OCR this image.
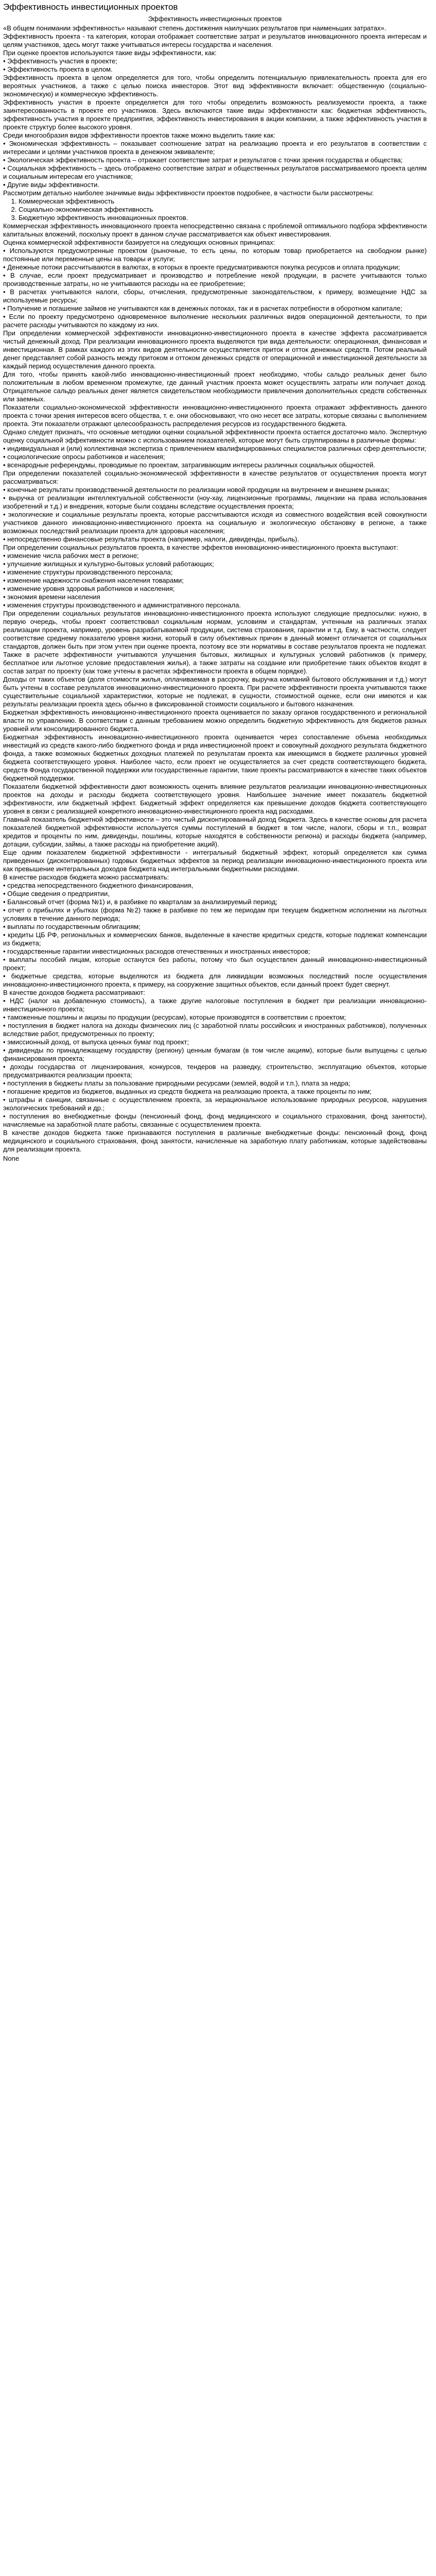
Эффективность инвестиционных проектов
Эффективность инвестиционных проектов

«В общем понимании эффективность» называют степень достижения наилучших результатов при наименьших затратах».

Эффективность проекта - та категория, которая отображает соответствие затрат и результатов инновационного проекта интересам и целям участников, здесь могут также учитываться интересы государства и населения.

При оценке проектов используются такие виды эффективности, как:

• Эффективность участия в проекте;

• Эффективность проекта в целом.

Эффективность проекта в целом определяется для того, чтобы определить потенциальную привлекательность проекта для его вероятных участников, а также с целью поиска инвесторов. Этот вид эффективности включает: общественную (социально-экономическую) и коммерческую эффективность.

Эффективность участия в проекте определяется для того чтобы определить возможность реализуемости проекта, а также заинтересованность в проекте его участников. Здесь включаются такие виды эффективности как: бюджетная эффективность, эффективность участия в проекте предприятия, эффективность инвестирования в акции компании, а также эффективность участия в проекте структур более высокого уровня.

Среди многообразия видов эффективности проектов также можно выделить такие как:

• Экономическая эффективность – показывает соотношение затрат на реализацию проекта и его результатов в соответствии с интересами и целями участников проекта в денежном эквиваленте;

• Экологическая эффективность проекта – отражает соответствие затрат и результатов с точки зрения государства и общества;

• Социальная эффективность – здесь отображено соответствие затрат и общественных результатов рассматриваемого проекта целям и социальным интересам его участников;

• Другие виды эффективности.

Рассмотрим детально наиболее значимые виды эффективности проектов подробнее, в частности были рассмотрены:

1. Коммерческая эффективность
2. Социально-экономическая эффективность
3. Бюджетную эффективность инновационных проектов.

Коммерческая эффективность инновационного проекта непосредственно связана с проблемой оптимального подбора эффективности капитальных вложений, поскольку проект в данном случае рассматривается как объект инвестирования.

Оценка коммерческой эффективности базируется на следующих основных принципах:

• Используются предусмотренные проектом (рыночные, то есть цены, по которым товар приобретается на свободном рынке) постоянные или переменные цены на товары и услуги;

• Денежные потоки рассчитываются в валютах, в которых в проекте предусматриваются покупка ресурсов и оплата продукции;

• В случае, если проект предусматривает и производство и потребление некой продукции, в расчете учитываются только производственные затраты, но не учитываются расходы на ее приобретение;

• В расчетах учитываются налоги, сборы, отчисления, предусмотренные законодательством, к примеру, возмещение НДС за используемые ресурсы;

• Получение и погашение займов не учитываются как в денежных потоках, так и в расчетах потребности в оборотном капитале;

• Если по проекту предусмотрено одновременное выполнение нескольких различных видов операционной деятельности, то при расчете расходы учитываются по каждому из них.

При определении коммерческой эффективности инновационно-инвестиционного проекта в качестве эффекта рассматривается чистый денежный доход. При реализации инновационного проекта выделяются три вида деятельности: операционная, финансовая и инвестиционная. В рамках каждого из этих видов деятельности осуществляется приток и отток денежных средств. Потом реальный денег представляет собой разность между притоком и оттоком денежных средств от операционной и инвестиционной деятельности за каждый период осуществления данного проекта.

Для того, чтобы принять какой-либо инновационно-инвестиционный проект необходимо, чтобы сальдо реальных денег было положительным в любом временном промежутке, где данный участник проекта может осуществлять затраты или получает доход. Отрицательное сальдо реальных денег является свидетельством необходимости привлечения дополнительных средств собственных или заемных.

Показатели социально-экономической эффективности инновационно-инвестиционного проекта отражают эффективность данного проекта с точки зрения интересов всего общества, т. е. они обосновывают, что оно несет все затраты, которые связаны с выполнением проекта. Эти показатели отражают целесообразность распределения ресурсов из государственного бюджета.

Однако следует признать, что основные методики оценки социальной эффективности проекта остается достаточно мало. Экспертную оценку социальной эффективности можно с использованием показателей, которые могут быть сгруппированы в различные формы:

• индивидуальная и (или) коллективная экспертиза с привлечением квалифицированных специалистов различных сфер деятельности;

• социологические опросы работников и населения;

• всенародные референдумы, проводимые по проектам, затрагивающим интересы различных социальных общностей.

При определении показателей социально-экономической эффективности в качестве результатов от осуществления проекта могут рассматриваться:

• конечные результаты производственной деятельности по реализации новой продукции на внутреннем и внешнем рынках;

• выручка от реализации интеллектуальной собственности (ноу-хау, лицензионные программы, лицензии на права использования изобретений и т.д.) и внедрения, которые были созданы вследствие осуществления проекта;

• экологические и социальные результаты проекта, которые рассчитываются исходя из совместного воздействия всей совокупности участников данного инновационно-инвестиционного проекта на социальную и экологическую обстановку в регионе, а также возможных последствий реализации проекта для здоровья населения;

• непосредственно финансовые результаты проекта (например, налоги, дивиденды, прибыль).

При определении социальных результатов проекта, в качестве эффектов инновационно-инвестиционного проекта выступают:

• изменение числа рабочих мест в регионе;

• улучшение жилищных и культурно-бытовых условий работающих;

• изменение структуры производственного персонала;

• изменение надежности снабжения населения товарами;

• изменение уровня здоровья работников и населения;

• экономия времени населения

• изменения структуры производственного и административного персонала.

При определении социальных результатов инновационно-инвестиционного проекта используют следующие предпосылки: нужно, в первую очередь, чтобы проект соответствовал социальным нормам, условиям и стандартам, учтенным на различных этапах реализации проекта, например, уровень разрабатываемой продукции, система страхования, гарантии и т.д. Ему, в частности, следует соответствие среднему показателю уровня жизни, который в силу объективных причин в данный момент отличается от социальных стандартов, должен быть при этом учтен при оценке проекта, поэтому все эти нормативы в составе результатов проекта не подлежат. Также в расчете эффективности учитываются улучшения бытовых, жилищных и культурных условий работников (к примеру, бесплатное или льготное условие предоставления жилья), а также затраты на создание или приобретение таких объектов входят в состав затрат по проекту (как тоже учтены в расчетах эффективности проекта в общем порядке).

Доходы от таких объектов (доля стоимости жилья, оплачиваемая в рассрочку, выручка компаний бытового обслуживания и т.д.) могут быть учтены в составе результатов инновационно-инвестиционного проекта. При расчете эффективности проекта учитываются также существительные социальной характеристики, которые не подлежат, в сущности, стоимостной оценке, если они имеются и как результаты реализации проекта здесь обычно в фиксированной стоимости социального и бытового назначения.

Бюджетная эффективность инновационно-инвестиционного проекта оценивается по заказу органов государственного и региональной власти по управлению. В соответствии с данным требованием можно определить бюджетную эффективность для бюджетов разных уровней или консолидированного бюджета.

Бюджетная эффективность инновационно-инвестиционного проекта оценивается через сопоставление объема необходимых инвестиций из средств какого-либо бюджетного фонда и ряда инвестиционной проект и совокупный доходного результата бюджетного фонда, а также возможных бюджетных доходных платежей по результатам проекта как имеющимся в бюджете различных уровней бюджета соответствующего уровня. Наиболее часто, если проект не осуществляется за счет средств соответствующего бюджета, средств Фонда государственной поддержки или государственные гарантии, такие проекты рассматриваются в качестве таких объектов бюджетной поддержки.

Показатели бюджетной эффективности дают возможность оценить влияние результатов реализации инновационно-инвестиционных проектов на доходы и расходы бюджета соответствующего уровня. Наибольшее значение имеет показатель бюджетной эффективности, или бюджетный эффект. Бюджетный эффект определяется как превышение доходов бюджета соответствующего уровня в связи с реализацией конкретного инновационно-инвестиционного проекта над расходами.

Главный показатель бюджетной эффективности – это чистый дисконтированный доход бюджета. Здесь в качестве основы для расчета показателей бюджетной эффективности используется суммы поступлений в бюджет в том числе, налоги, сборы и т.п., возврат кредитов и проценты по ним, дивиденды, пошлины, которые находятся в собственности региона) и расходы бюджета (например, дотации, субсидии, займы, а также расходы на приобретение акций).

Еще одним показателем бюджетной эффективности - интегральный бюджетный эффект, который определяется как сумма приведенных (дисконтированных) годовых бюджетных эффектов за период реализации инновационно-инвестиционного проекта или как превышение интегральных доходов бюджета над интегральными бюджетными расходами.

В качестве расходов бюджета можно рассматривать:

• средства непосредственного бюджетного финансирования,

• Общие сведения о предприятии,

• Балансовый отчет (форма №1) и, в разбивке по кварталам за анализируемый период;

• отчет о прибылях и убытках (форма №2) также в разбивке по тем же периодам при текущем бюджетном исполнении на льготных условиях в течение данного периода;

• выплаты по государственным облигациям;

• кредиты ЦБ РФ, региональных и коммерческих банков, выделенные в качестве кредитных средств, которые подлежат компенсации из бюджета;

• государственные гарантии инвестиционных расходов отечественных и иностранных инвесторов;

• выплаты пособий лицам, которые останутся без работы, потому что был осуществлен данный инновационно-инвестиционный проект;

• бюджетные средства, которые выделяются из бюджета для ликвидации возможных последствий после осуществления инновационно-инвестиционного проекта, к примеру, на сооружение защитных объектов, если данный проект будет свернут.

В качестве доходов бюджета рассматривают:

• НДС (налог на добавленную стоимость), а также другие налоговые поступления в бюджет при реализации инновационно-инвестиционного проекта;

• таможенные пошлины и акцизы по продукции (ресурсам), которые производятся в соответствии с проектом;

• поступления в бюджет налога на доходы физических лиц (с заработной платы российских и иностранных работников), полученных вследствие работ, предусмотренных по проекту;

• эмиссионный доход, от выпуска ценных бумаг под проект;

• дивиденды по принадлежащему государству (региону) ценным бумагам (в том числе акциям), которые были выпущены с целью финансирования проекта;

• доходы государства от лицензирования, конкурсов, тендеров на разведку, строительство, эксплуатацию объектов, которые предусматриваются реализации проекта;

• поступления в бюджеты платы за пользование природными ресурсами (землей, водой и т.п.), плата за недра;

• погашение кредитов из бюджетов, выданных из средств бюджета на реализацию проекта, а также проценты по ним;

• штрафы и санкции, связанные с осуществлением проекта, за нерациональное использование природных ресурсов, нарушения экологических требований и др.;

• поступления во внебюджетные фонды (пенсионный фонд, фонд медицинского и социального страхования, фонд занятости), начисляемые на заработной плате работы, связанные с осуществлением проекта.

В качестве доходов бюджета также признаваются поступления в различные внебюджетные фонды: пенсионный фонд, фонд медицинского и социального страхования, фонд занятости, начисленные на заработную плату работникам, которые задействованы для реализации проекта.

None
